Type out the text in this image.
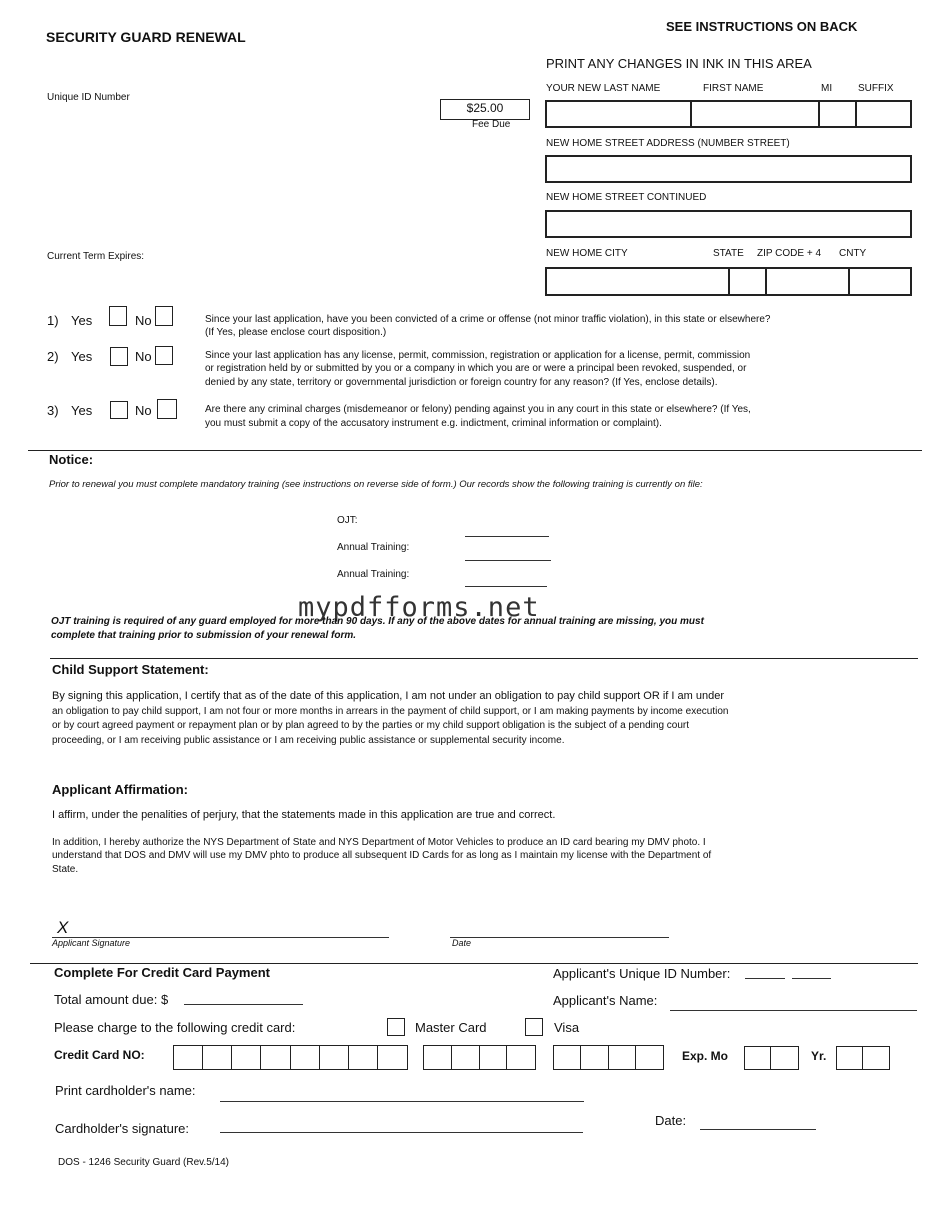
SECURITY GUARD RENEWAL
SEE INSTRUCTIONS ON BACK
PRINT ANY CHANGES IN INK IN THIS AREA
Unique ID Number
$25.00
Fee Due
Current Term Expires:
YOUR NEW LAST NAME	FIRST NAME	MI	SUFFIX
NEW HOME STREET ADDRESS (NUMBER STREET)
NEW HOME STREET CONTINUED
NEW HOME CITY	STATE ZIP CODE + 4 CNTY
1) Yes	No	Since your last application, have you been convicted of a crime or offense (not minor traffic violation), in this state or elsewhere?
(If Yes, please enclose court disposition.)
2) Yes	No	Since your last application has any license, permit, commission, registration or application for a license, permit, commission
or registration held by or submitted by you or a company in which you are or were a principal been revoked, suspended, or
denied by any state, territory or governmental jurisdiction or foreign country for any reason? (If Yes, enclose details).
3) Yes	No	Are there any criminal charges (misdemeanor or felony) pending against you in any court in this state or elsewhere? (If Yes,
you must submit a copy of the accusatory instrument e.g. indictment, criminal information or complaint).
Notice:
Prior to renewal you must complete mandatory training (see instructions on reverse side of form.) Our records show the following training is currently on file:
OJT:
Annual Training:
Annual Training:
mypdfforms.net
OJT training is required of any guard employed for more than 90 days. If any of the above dates for annual training are missing, you must
complete that training prior to submission of your renewal form.
Child Support Statement:
By signing this application, I certify that as of the date of this application, I am not under an obligation to pay child support OR if I am under
an obligation to pay child support, I am not four or more months in arrears in the payment of child support, or I am making payments by income execution
or by court agreed payment or repayment plan or by plan agreed to by the parties or my child support obligation is the subject of a pending court
proceeding, or I am receiving public assistance or I am receiving public assistance or supplemental security income.
Applicant Affirmation:
I affirm, under the penalities of perjury, that the statements made in this application are true and correct.
In addition, I hereby authorize the NYS Department of State and NYS Department of Motor Vehicles to produce an ID card bearing my DMV photo. I
understand that DOS and DMV will use my DMV phto to produce all subsequent ID Cards for as long as I maintain my license with the Department of
State.
X
Applicant Signature	Date
Complete For Credit Card Payment	Applicant's Unique ID Number:
Total amount due: $	Applicant's Name:
Please charge to the following credit card:	Master Card	Visa
Credit Card NO:	Exp. Mo	Yr.
Print cardholder's name:
Date:
Cardholder's signature:
DOS - 1246 Security Guard (Rev.5/14)
